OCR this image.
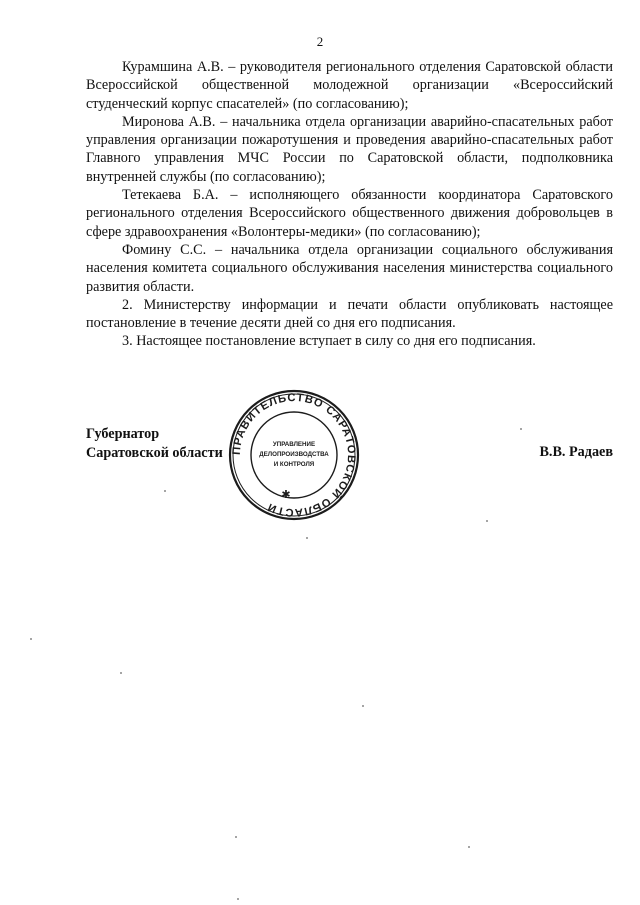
2

Курамшина А.В. – руководителя регионального отделения Саратовской области Всероссийской общественной молодежной организации «Всероссийский студенческий корпус спасателей» (по согласованию);

Миронова А.В. – начальника отдела организации аварийно-спасательных работ управления организации пожаротушения и проведения аварийно-спасательных работ Главного управления МЧС России по Саратовской области, подполковника внутренней службы (по согласованию);

Тетекаева Б.А. – исполняющего обязанности координатора Саратовского регионального отделения Всероссийского общественного движения добровольцев в сфере здравоохранения «Волонтеры-медики» (по согласованию);

Фомину С.С. – начальника отдела организации социального обслуживания населения комитета социального обслуживания населения министерства социального развития области.

2. Министерству информации и печати области опубликовать настоящее постановление в течение десяти дней со дня его подписания.

3. Настоящее постановление вступает в силу со дня его подписания.

Губернатор
Саратовской области	В.В. Радаев
ПРАВИТЕЛЬСТВО САРАТОВСКОЙ ОБЛАСТИ
УПРАВЛЕНИЕ
ДЕЛОПРОИЗВОДСТВА
И КОНТРОЛЯ
✱
